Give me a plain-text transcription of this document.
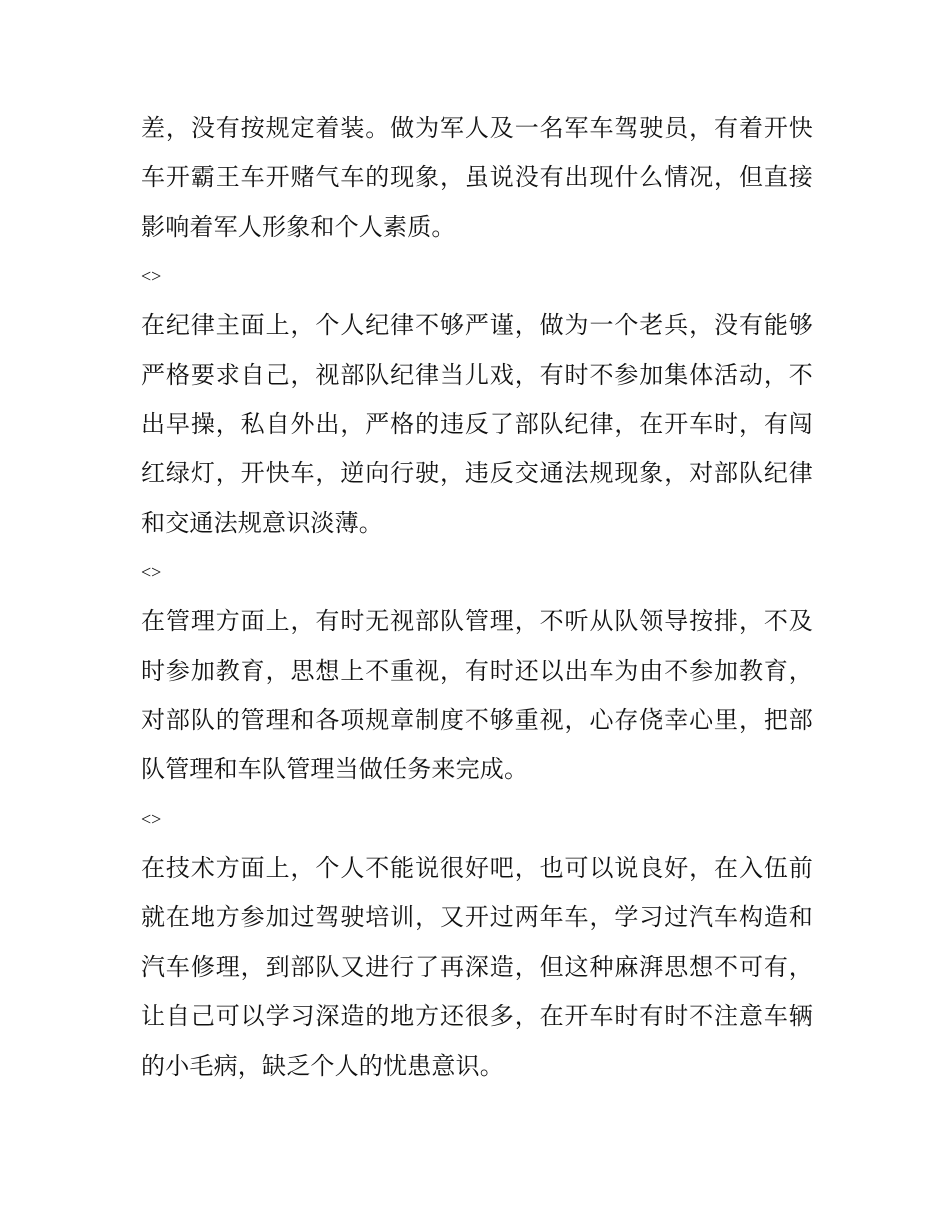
差，没有按规定着装。做为军人及一名军车驾驶员，有着开快车开霸王车开赌气车的现象，虽说没有出现什么情况，但直接影响着军人形象和个人素质。

<>

在纪律主面上，个人纪律不够严谨，做为一个老兵，没有能够严格要求自己，视部队纪律当儿戏，有时不参加集体活动，不出早操，私自外出，严格的违反了部队纪律，在开车时，有闯红绿灯，开快车，逆向行驶，违反交通法规现象，对部队纪律和交通法规意识淡薄。

<>

在管理方面上，有时无视部队管理，不听从队领导按排，不及时参加教育，思想上不重视，有时还以出车为由不参加教育，对部队的管理和各项规章制度不够重视，心存侥幸心里，把部队管理和车队管理当做任务来完成。

<>

在技术方面上，个人不能说很好吧，也可以说良好，在入伍前就在地方参加过驾驶培训，又开过两年车，学习过汽车构造和汽车修理，到部队又进行了再深造，但这种麻湃思想不可有，让自己可以学习深造的地方还很多，在开车时有时不注意车辆的小毛病，缺乏个人的忧患意识。
